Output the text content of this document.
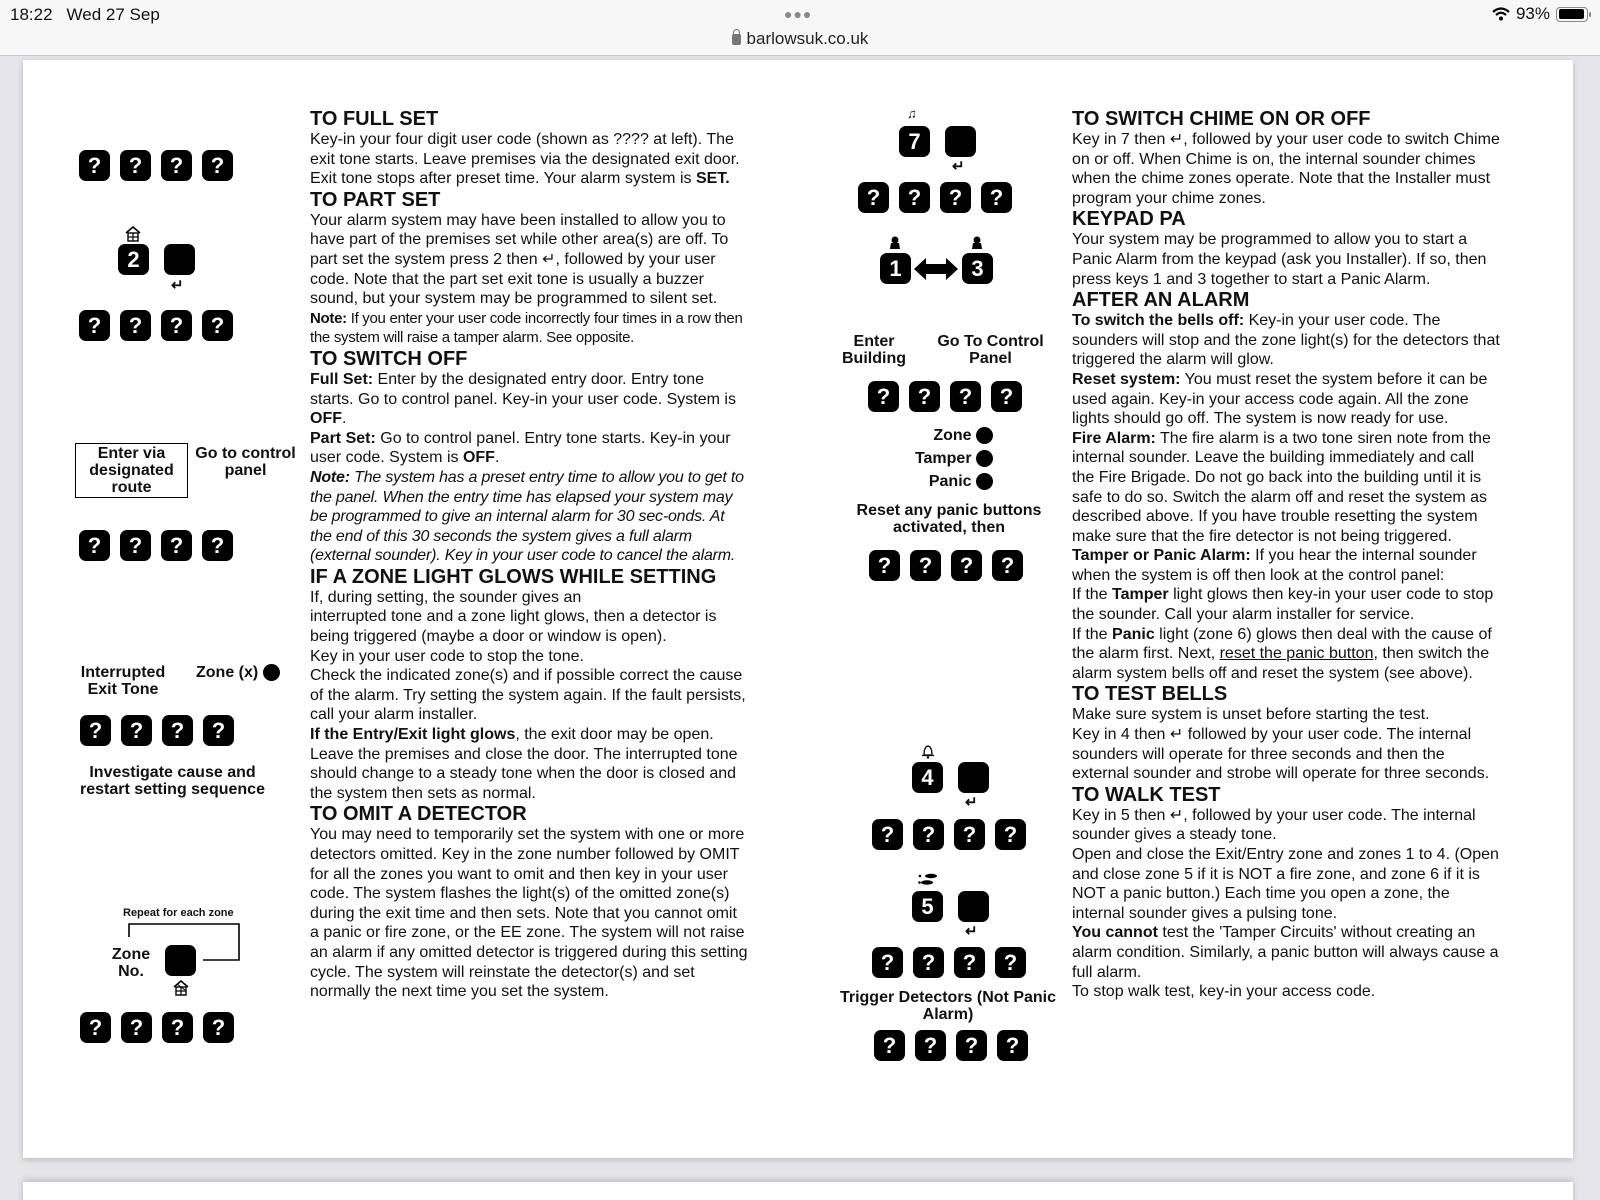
18:22 Wed 27 Sep	●●●	93%
barlowsuk.co.uk
? ? ? ?
2
↵
? ? ? ?
Enter via designated route
Go to control panel
? ? ? ?
Interrupted Exit Tone
Zone (x)
? ? ? ?
Investigate cause and restart setting sequence
Repeat for each zone
Zone No.
? ? ? ?
TO FULL SET

Key-in your four digit user code (shown as ???? at left). The exit tone starts. Leave premises via the designated exit door. Exit tone stops after preset time. Your alarm system is SET.

TO PART SET

Your alarm system may have been installed to allow you to have part of the premises set while other area(s) are off. To part set the system press 2 then ↵, followed by your user code. Note that the part set exit tone is usually a buzzer sound, but your system may be programmed to silent set.

Note: If you enter your user code incorrectly four times in a row then the system will raise a tamper alarm. See opposite.

TO SWITCH OFF

Full Set: Enter by the designated entry door. Entry tone starts. Go to control panel. Key-in your user code. System is OFF.

Part Set: Go to control panel. Entry tone starts. Key-in your user code. System is OFF.

Note: The system has a preset entry time to allow you to get to the panel. When the entry time has elapsed your system may be programmed to give an internal alarm for 30 sec-onds. At the end of this 30 seconds the system gives a full alarm (external sounder). Key in your user code to cancel the alarm.

IF A ZONE LIGHT GLOWS WHILE SETTING

If, during setting, the sounder gives an

interrupted tone and a zone light glows, then a detector is being triggered (maybe a door or window is open).

Key in your user code to stop the tone.

Check the indicated zone(s) and if possible correct the cause of the alarm. Try setting the system again. If the fault persists, call your alarm installer.

If the Entry/Exit light glows, the exit door may be open. Leave the premises and close the door. The interrupted tone should change to a steady tone when the door is closed and the system then sets as normal.

TO OMIT A DETECTOR

You may need to temporarily set the system with one or more detectors omitted. Key in the zone number followed by OMIT for all the zones you want to omit and then key in your user code. The system flashes the light(s) of the omitted zone(s) during the exit time and then sets. Note that you cannot omit a panic or fire zone, or the EE zone. The system will not raise an alarm if any omitted detector is triggered during this setting cycle. The system will reinstate the detector(s) and set normally the next time you set the system.

♫
7
↵
? ? ? ?
1	3
Enter Building
Go To Control Panel
? ? ? ?
Zone
Tamper
Panic
Reset any panic buttons activated, then
? ? ? ?
4
↵
? ? ? ?
5
↵
? ? ? ?
Trigger Detectors (Not Panic Alarm)
? ? ? ?
TO SWITCH CHIME ON OR OFF

Key in 7 then ↵, followed by your user code to switch Chime on or off. When Chime is on, the internal sounder chimes when the chime zones operate. Note that the Installer must program your chime zones.

KEYPAD PA

Your system may be programmed to allow you to start a Panic Alarm from the keypad (ask you Installer). If so, then press keys 1 and 3 together to start a Panic Alarm.

AFTER AN ALARM

To switch the bells off: Key-in your user code. The sounders will stop and the zone light(s) for the detectors that triggered the alarm will glow.

Reset system: You must reset the system before it can be used again. Key-in your access code again. All the zone lights should go off. The system is now ready for use.

Fire Alarm: The fire alarm is a two tone siren note from the internal sounder. Leave the building immediately and call the Fire Brigade. Do not go back into the building until it is safe to do so. Switch the alarm off and reset the system as described above. If you have trouble resetting the system make sure that the fire detector is not being triggered.

Tamper or Panic Alarm: If you hear the internal sounder when the system is off then look at the control panel:

If the Tamper light glows then key-in your user code to stop the sounder. Call your alarm installer for service.

If the Panic light (zone 6) glows then deal with the cause of the alarm first. Next, reset the panic button, then switch the alarm system bells off and reset the system (see above).

TO TEST BELLS

Make sure system is unset before starting the test.

Key in 4 then ↵ followed by your user code. The internal sounders will operate for three seconds and then the external sounder and strobe will operate for three seconds.

TO WALK TEST

Key in 5 then ↵, followed by your user code. The internal sounder gives a steady tone.

Open and close the Exit/Entry zone and zones 1 to 4. (Open and close zone 5 if it is NOT a fire zone, and zone 6 if it is NOT a panic button.) Each time you open a zone, the internal sounder gives a pulsing tone.

You cannot test the 'Tamper Circuits' without creating an alarm condition. Similarly, a panic button will always cause a full alarm.

To stop walk test, key-in your access code.
